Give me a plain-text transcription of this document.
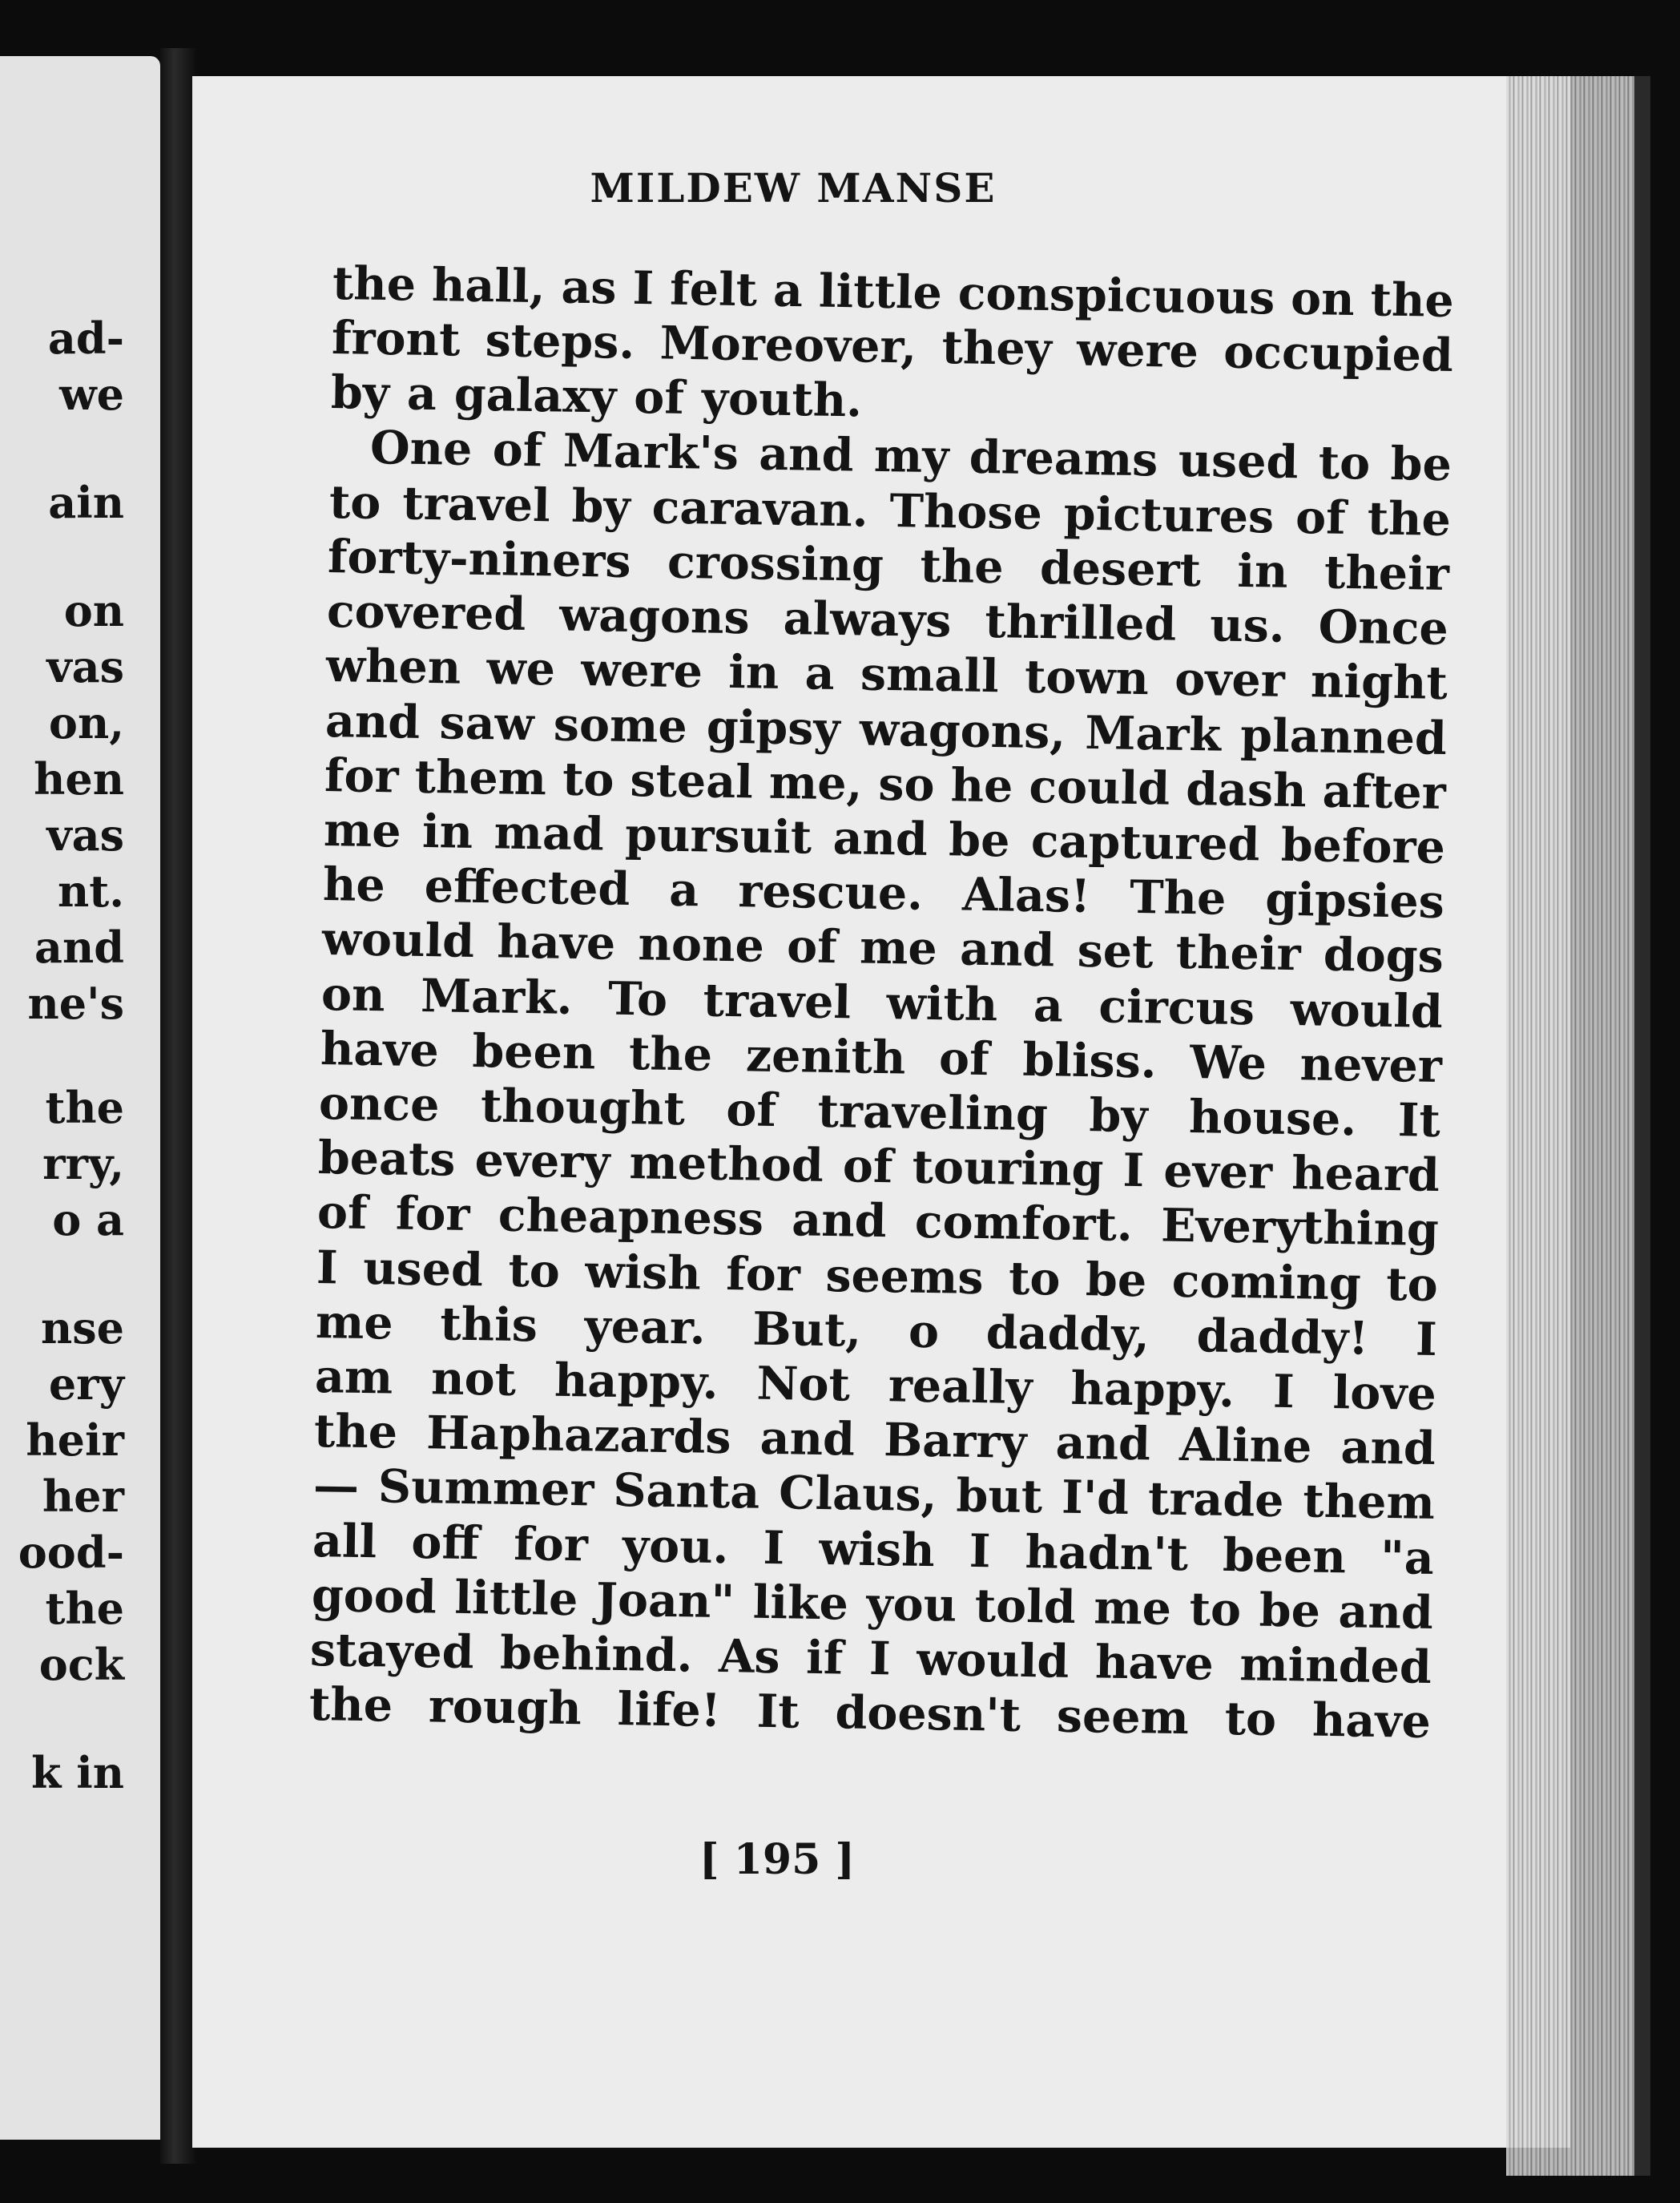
ad-
we
ain
on
vas
on,
hen
vas
nt.
and
ne's
the
rry,
o a
nse
ery
heir
her
ood-
the
ock
k in
MILDEW MANSE
the hall, as I felt a little conspicuous on the
front steps. Moreover, they were occupied
by a galaxy of youth.
One of Mark's and my dreams used to be
to travel by caravan. Those pictures of the
forty-niners crossing the desert in their
covered wagons always thrilled us. Once
when we were in a small town over night
and saw some gipsy wagons, Mark planned
for them to steal me, so he could dash after
me in mad pursuit and be captured before
he effected a rescue. Alas! The gipsies
would have none of me and set their dogs
on Mark. To travel with a circus would
have been the zenith of bliss. We never
once thought of traveling by house. It
beats every method of touring I ever heard
of for cheapness and comfort. Everything
I used to wish for seems to be coming to
me this year. But, o daddy, daddy! I
am not happy. Not really happy. I love
the Haphazards and Barry and Aline and
— Summer Santa Claus, but I'd trade them
all off for you. I wish I hadn't been "a
good little Joan" like you told me to be and
stayed behind. As if I would have minded
the rough life! It doesn't seem to have
[ 195 ]
